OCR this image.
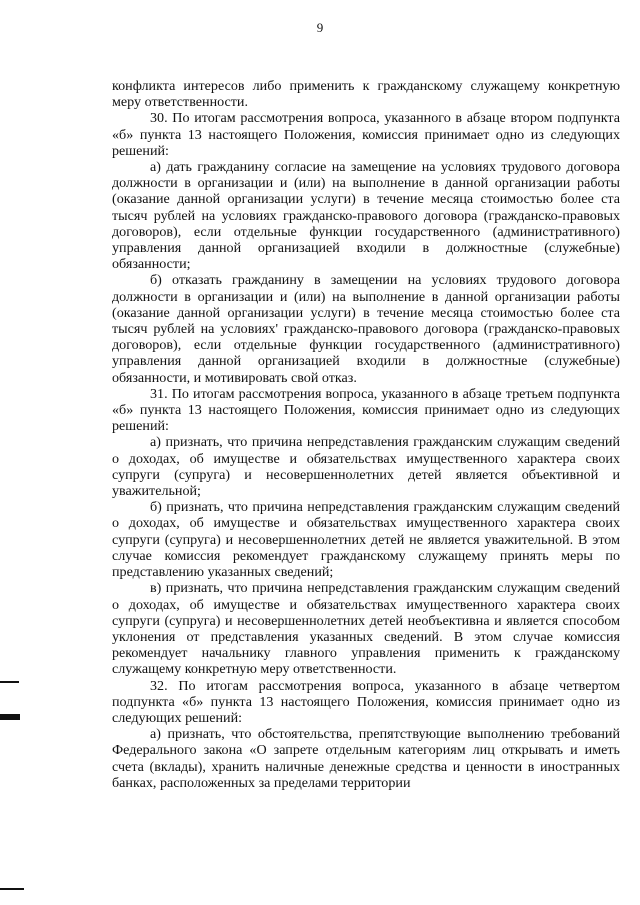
9

конфликта интересов либо применить к гражданскому служащему конкретную меру ответственности.

30. По итогам рассмотрения вопроса, указанного в абзаце втором подпункта «б» пункта 13 настоящего Положения, комиссия принимает одно из следующих решений:

а) дать гражданину согласие на замещение на условиях трудового договора должности в организации и (или) на выполнение в данной организации работы (оказание данной организации услуги) в течение месяца стоимостью более ста тысяч рублей на условиях гражданско-правового договора (гражданско-правовых договоров), если отдельные функции государственного (административного) управления данной организацией входили в должностные (служебные) обязанности;

б) отказать гражданину в замещении на условиях трудового договора должности в организации и (или) на выполнение в данной организации работы (оказание данной организации услуги) в течение месяца стоимостью более ста тысяч рублей на условиях' гражданско-правового договора (гражданско-правовых договоров), если отдельные функции государственного (административного) управления данной организацией входили в должностные (служебные) обязанности, и мотивировать свой отказ.

31. По итогам рассмотрения вопроса, указанного в абзаце третьем подпункта «б» пункта 13 настоящего Положения, комиссия принимает одно из следующих решений:

а) признать, что причина непредставления гражданским служащим сведений о доходах, об имуществе и обязательствах имущественного характера своих супруги (супруга) и несовершеннолетних детей является объективной и уважительной;

б) признать, что причина непредставления гражданским служащим сведений о доходах, об имуществе и обязательствах имущественного характера своих супруги (супруга) и несовершеннолетних детей не является уважительной. В этом случае комиссия рекомендует гражданскому служащему принять меры по представлению указанных сведений;

в) признать, что причина непредставления гражданским служащим сведений о доходах, об имуществе и обязательствах имущественного характера своих супруги (супруга) и несовершеннолетних детей необъективна и является способом уклонения от представления указанных сведений. В этом случае комиссия рекомендует начальнику главного управления применить к гражданскому служащему конкретную меру ответственности.

32. По итогам рассмотрения вопроса, указанного в абзаце четвертом подпункта «б» пункта 13 настоящего Положения, комиссия принимает одно из следующих решений:

а) признать, что обстоятельства, препятствующие выполнению требований Федерального закона «О запрете отдельным категориям лиц открывать и иметь счета (вклады), хранить наличные денежные средства и ценности в иностранных банках, расположенных за пределами территории
